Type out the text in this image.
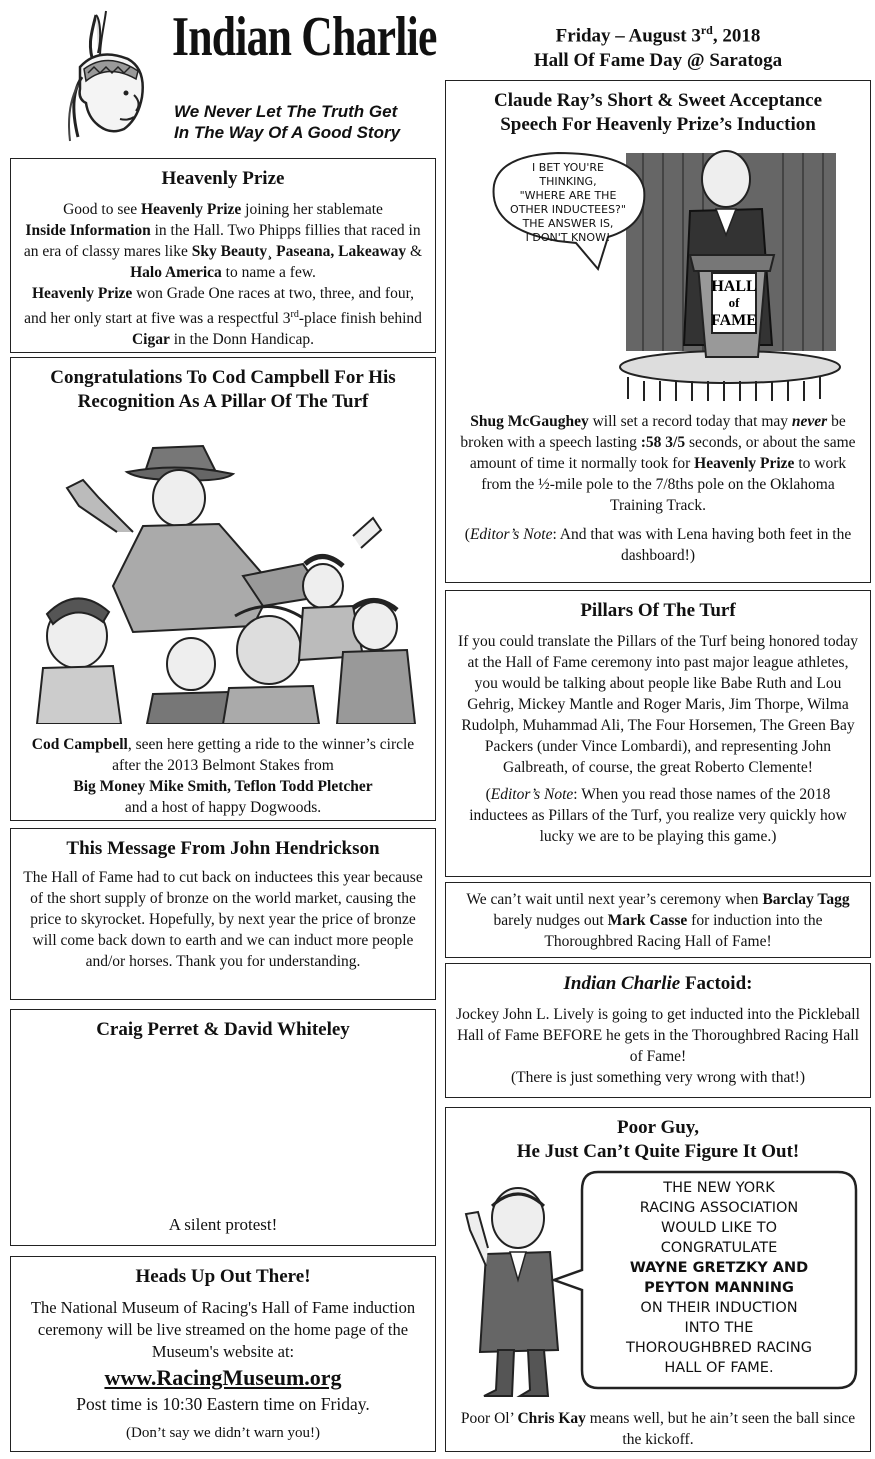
Indian Charlie
We Never Let The Truth Get
In The Way Of A Good Story
Friday – August 3rd, 2018
Hall Of Fame Day @ Saratoga
Heavenly Prize

Good to see Heavenly Prize joining her stablemate
Inside Information in the Hall. Two Phipps fillies that raced in an era of classy mares like Sky Beauty¸ Paseana, Lakeaway & Halo America to name a few.
Heavenly Prize won Grade One races at two, three, and four, and her only start at five was a respectful 3rd-place finish behind Cigar in the Donn Handicap.

Congratulations To Cod Campbell For His
Recognition As A Pillar Of The Turf

Cod Campbell, seen here getting a ride to the winner’s circle after the 2013 Belmont Stakes from
Big Money Mike Smith, Teflon Todd Pletcher
and a host of happy Dogwoods.

This Message From John Hendrickson

The Hall of Fame had to cut back on inductees this year because of the short supply of bronze on the world market, causing the price to skyrocket. Hopefully, by next year the price of bronze will come back down to earth and we can induct more people and/or horses. Thank you for understanding.

Craig Perret & David Whiteley

A silent protest!

Heads Up Out There!

The National Museum of Racing's Hall of Fame induction ceremony will be live streamed on the home page of the Museum's website at:

www.RacingMuseum.org

Post time is 10:30 Eastern time on Friday.

(Don’t say we didn’t warn you!)

Claude Ray’s Short & Sweet Acceptance
Speech For Heavenly Prize’s Induction
HALL
of
FAME
I BET YOU'RE
THINKING,
"WHERE ARE THE
OTHER INDUCTEES?"
THE ANSWER IS,
I DON'T KNOW!

Shug McGaughey will set a record today that may never be broken with a speech lasting :58 3/5 seconds, or about the same amount of time it normally took for Heavenly Prize to work from the ½-mile pole to the 7/8ths pole on the Oklahoma Training Track.

(Editor’s Note: And that was with Lena having both feet in the dashboard!)

Pillars Of The Turf

If you could translate the Pillars of the Turf being honored today at the Hall of Fame ceremony into past major league athletes, you would be talking about people like Babe Ruth and Lou Gehrig, Mickey Mantle and Roger Maris, Jim Thorpe, Wilma Rudolph, Muhammad Ali, The Four Horsemen, The Green Bay Packers (under Vince Lombardi), and representing John Galbreath, of course, the great Roberto Clemente!

(Editor’s Note: When you read those names of the 2018 inductees as Pillars of the Turf, you realize very quickly how lucky we are to be playing this game.)

We can’t wait until next year’s ceremony when Barclay Tagg barely nudges out Mark Casse for induction into the Thoroughbred Racing Hall of Fame!

Indian Charlie Factoid:

Jockey John L. Lively is going to get inducted into the Pickleball Hall of Fame BEFORE he gets in the Thoroughbred Racing Hall of Fame!

(There is just something very wrong with that!)

Poor Guy,
He Just Can’t Quite Figure It Out!
THE NEW YORK
RACING ASSOCIATION
WOULD LIKE TO
CONGRATULATE
WAYNE GRETZKY AND
PEYTON MANNING
ON THEIR INDUCTION
INTO THE
THOROUGHBRED RACING
HALL OF FAME.

Poor Ol’ Chris Kay means well, but he ain’t seen the ball since the kickoff.
